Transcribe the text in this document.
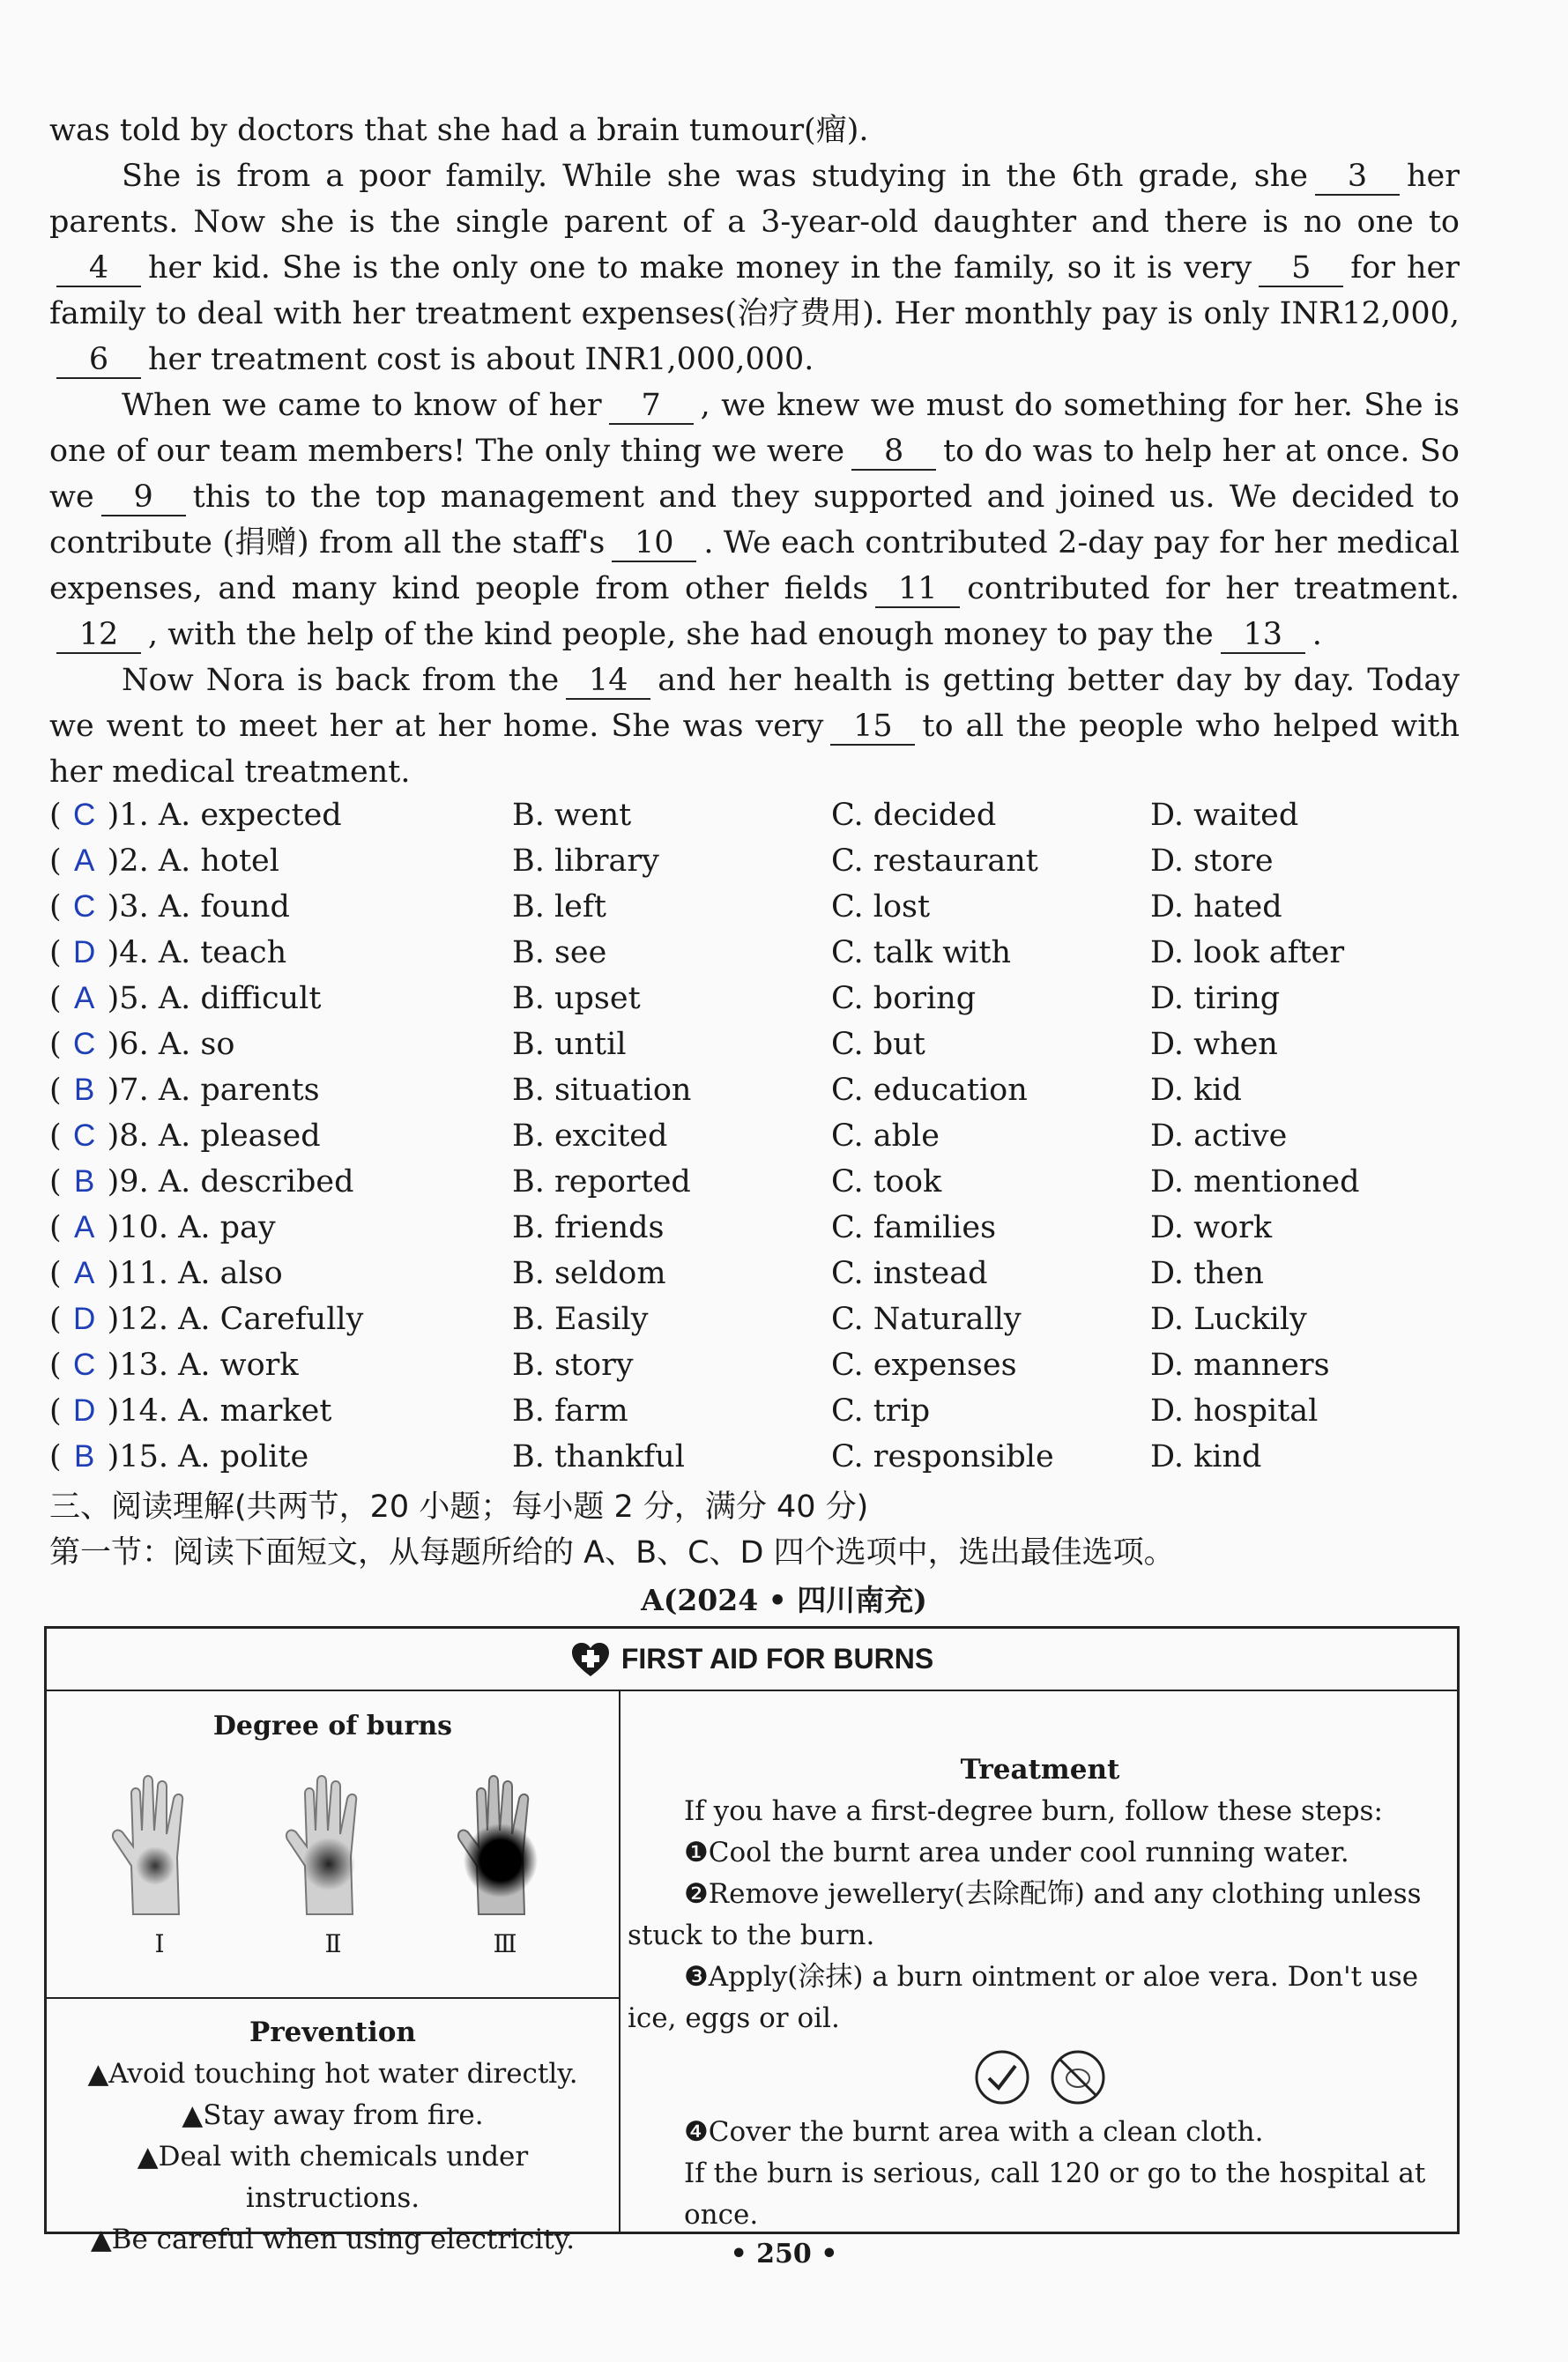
was told by doctors that she had a brain tumour(瘤).

She is from a poor family. While she was studying in the 6th grade, she 3 her parents. Now she is the single parent of a 3-year-old daughter and there is no one to4 her kid. She is the only one to make money in the family, so it is very 5 for her family to deal with her treatment expenses(治疗费用). Her monthly pay is only INR12,000,6 her treatment cost is about INR1,000,000.

When we came to know of her 7 , we knew we must do something for her. She is one of our team members! The only thing we were 8 to do was to help her at once. So we 9 this to the top management and they supported and joined us. We decided to contribute (捐赠) from all the staff's 10 . We each contributed 2-day pay for her medical expenses, and many kind people from other fields 11 contributed for her treatment.12 , with the help of the kind people, she had enough money to pay the 13 .

Now Nora is back from the 14 and her health is getting better day by day. Today we went to meet her at her home. She was very 15 to all the people who helped with her medical treatment.

( C )1. A. expected	B. went	C. decided	D. waited
( A )2. A. hotel	B. library	C. restaurant	D. store
( C )3. A. found	B. left	C. lost	D. hated
( D )4. A. teach	B. see	C. talk with	D. look after
( A )5. A. difficult	B. upset	C. boring	D. tiring
( C )6. A. so	B. until	C. but	D. when
( B )7. A. parents	B. situation	C. education	D. kid
( C )8. A. pleased	B. excited	C. able	D. active
( B )9. A. described	B. reported	C. took	D. mentioned
( A )10. A. pay	B. friends	C. families	D. work
( A )11. A. also	B. seldom	C. instead	D. then
( D )12. A. Carefully	B. Easily	C. Naturally	D. Luckily
( C )13. A. work	B. story	C. expenses	D. manners
( D )14. A. market	B. farm	C. trip	D. hospital
( B )15. A. polite	B. thankful	C. responsible	D. kind
三、阅读理解(共两节，20 小题；每小题 2 分，满分 40 分)
第一节：阅读下面短文，从每题所给的 A、B、C、D 四个选项中，选出最佳选项。
A(2024 • 四川南充)
FIRST AID FOR BURNS
Degree of burns
Ⅰ	Ⅱ	Ⅲ
Prevention
▲Avoid touching hot water directly.
▲Stay away from fire.
▲Deal with chemicals under instructions.
▲Be careful when using electricity.
Treatment
If you have a first-degree burn, follow these steps:
❶Cool the burnt area under cool running water.
❷Remove jewellery(去除配饰) and any clothing unless stuck to the burn.
❸Apply(涂抹) a burn ointment or aloe vera. Don't use ice, eggs or oil.

❹Cover the burnt area with a clean cloth.
If the burn is serious, call 120 or go to the hospital at once.
• 250 •
